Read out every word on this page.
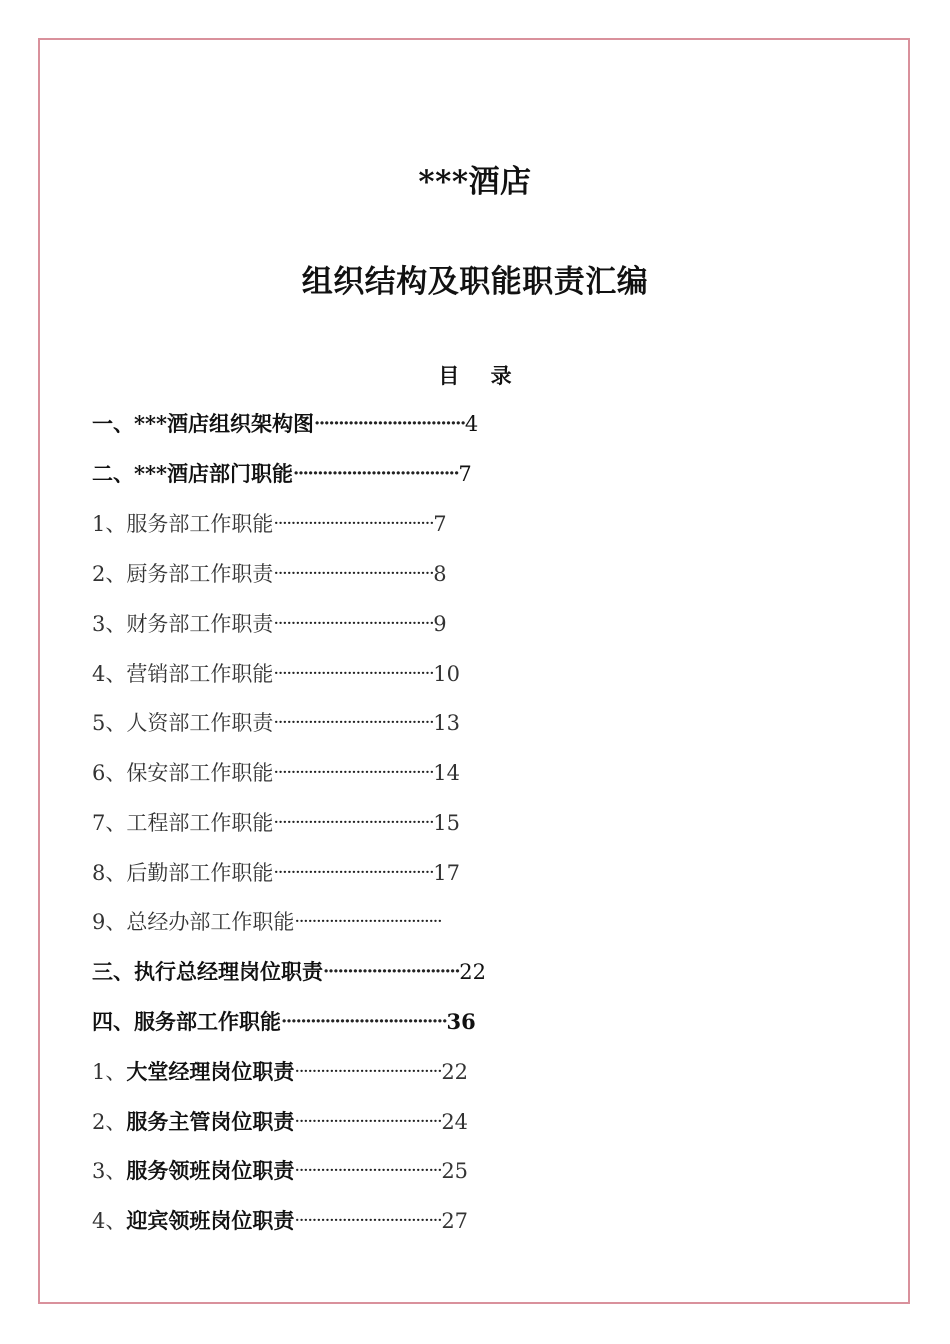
***酒店
组织结构及职能职责汇编
目 录
一、***酒店组织架构图·······························4
二、***酒店部门职能··································7
1、服务部工作职能·····································7
2、厨务部工作职责·····································8
3、财务部工作职责·····································9
4、营销部工作职能·····································10
5、人资部工作职责·····································13
6、保安部工作职能·····································14
7、工程部工作职能·····································15
8、后勤部工作职能·····································17
9、总经办部工作职能··································
三、执行总经理岗位职责····························22
四、服务部工作职能··································36
1、大堂经理岗位职责··································22
2、服务主管岗位职责··································24
3、服务领班岗位职责··································25
4、迎宾领班岗位职责··································27
